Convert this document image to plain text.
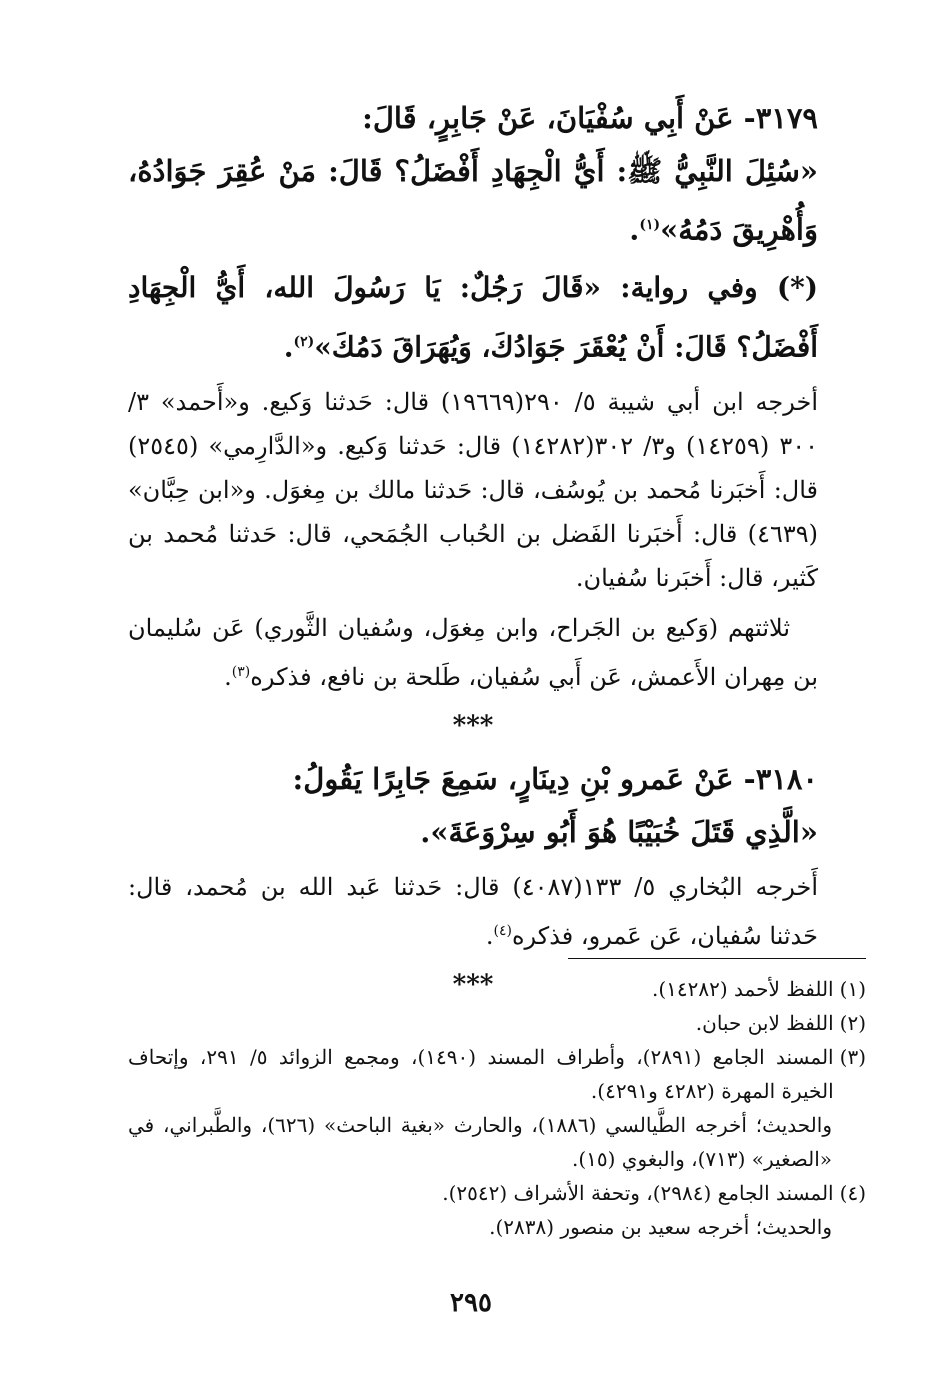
٣١٧٩- عَنْ أَبِي سُفْيَانَ، عَنْ جَابِرٍ، قَالَ:

«سُئِلَ النَّبِيُّ ﷺ: أَيُّ الْجِهَادِ أَفْضَلُ؟ قَالَ: مَنْ عُقِرَ جَوَادُهُ، وَأُهْرِيقَ دَمُهُ»$^{(١)}$.

(*) وفي رواية: «قَالَ رَجُلٌ: يَا رَسُولَ الله، أَيُّ الْجِهَادِ أَفْضَلُ؟ قَالَ: أَنْ يُعْقَرَ جَوَادُكَ، وَيُهَرَاقَ دَمُكَ»$^{(٢)}$.

أخرجه ابن أبي شيبة ٥/ ٢٩٠(١٩٦٦٩) قال: حَدثنا وَكيع. و«أَحمد» ٣/ ٣٠٠ (١٤٢٥٩) و٣/ ٣٠٢(١٤٢٨٢) قال: حَدثنا وَكيع. و«الدَّارِمي» (٢٥٤٥) قال: أَخبَرنا مُحمد بن يُوسُف، قال: حَدثنا مالك بن مِغوَل. و«ابن حِبَّان» (٤٦٣٩) قال: أَخبَرنا الفَضل بن الحُباب الجُمَحي، قال: حَدثنا مُحمد بن كَثير، قال: أَخبَرنا سُفيان.

ثلاثتهم (وَكيع بن الجَراح، وابن مِغوَل، وسُفيان الثَّوري) عَن سُليمان بن مِهران الأَعمش، عَن أَبي سُفيان، طَلحة بن نافع، فذكره$^{(٣)}$.

***

٣١٨٠- عَنْ عَمرو بْنِ دِينَارٍ، سَمِعَ جَابِرًا يَقُولُ:

«الَّذِي قَتَلَ خُبَيْبًا هُوَ أَبُو سِرْوَعَةَ».

أَخرجه البُخاري ٥/ ١٣٣(٤٠٨٧) قال: حَدثنا عَبد الله بن مُحمد، قال: حَدثنا سُفيان، عَن عَمرو، فذكره$^{(٤)}$.

***	(١)
اللفظ لأحمد (١٤٢٨٢).
(٢)
اللفظ لابن حبان.
(٣)
المسند الجامع (٢٨٩١)، وأطراف المسند (١٤٩٠)، ومجمع الزوائد ٥/ ٢٩١، وإتحاف الخيرة المهرة (٤٢٨٢ و٤٢٩١).
والحديث؛ أخرجه الطَّيالسي (١٨٨٦)، والحارث «بغية الباحث» (٦٢٦)، والطَّبراني، في «الصغير» (٧١٣)، والبغوي (١٥).
(٤)
المسند الجامع (٢٩٨٤)، وتحفة الأشراف (٢٥٤٢).
والحديث؛ أخرجه سعيد بن منصور (٢٨٣٨).
٢٩٥
